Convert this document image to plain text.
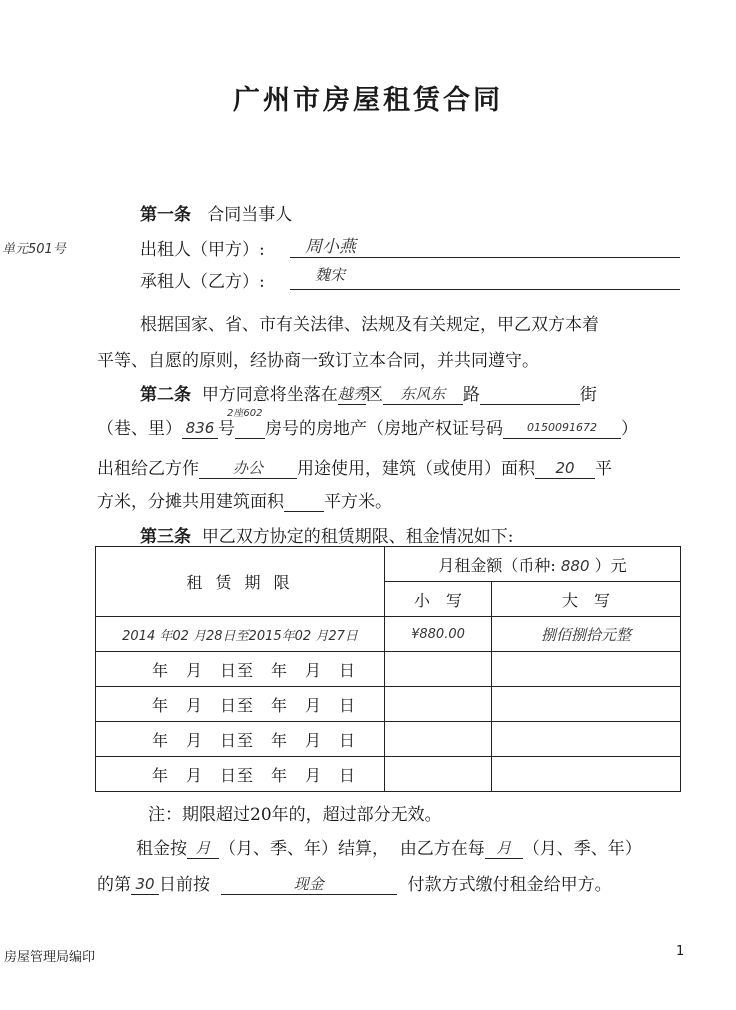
广州市房屋租赁合同
单元501号
第一条 合同当事人
出租人（甲方）: 周小燕
承租人（乙方）:	魏宋
根据国家、省、市有关法律、法规及有关规定，甲乙双方本着
平等、自愿的原则，经协商一致订立本合同，并共同遵守。
第二条 甲方同意将坐落在越秀区 东风东 路	街
（巷、里） 836 号
2座602
房号的房地产（房地产权证号码 0150091672 ）
出租给乙方作 办公 用途使用，建筑（或使用）面积 20 平
方米，分摊共用建筑面积 平方米。
第三条 甲乙双方协定的租赁期限、租金情况如下:
租 赁 期 限	月租金额（币种: 880 ）元	
	小　写	大　写
2014 年02 月28日至2015年02 月27日	¥880.00	捌佰捌拾元整
年　月　日至　年　月　日		
年　月　日至　年　月　日		
年　月　日至　年　月　日		
年　月　日至　年　月　日		
注：期限超过20年的，超过部分无效。
租金按 月 （月、季、年）结算， 由乙方在每 月 （月、季、年）
的第 30 日前按	现金	付款方式缴付租金给甲方。
房屋管理局编印	1
